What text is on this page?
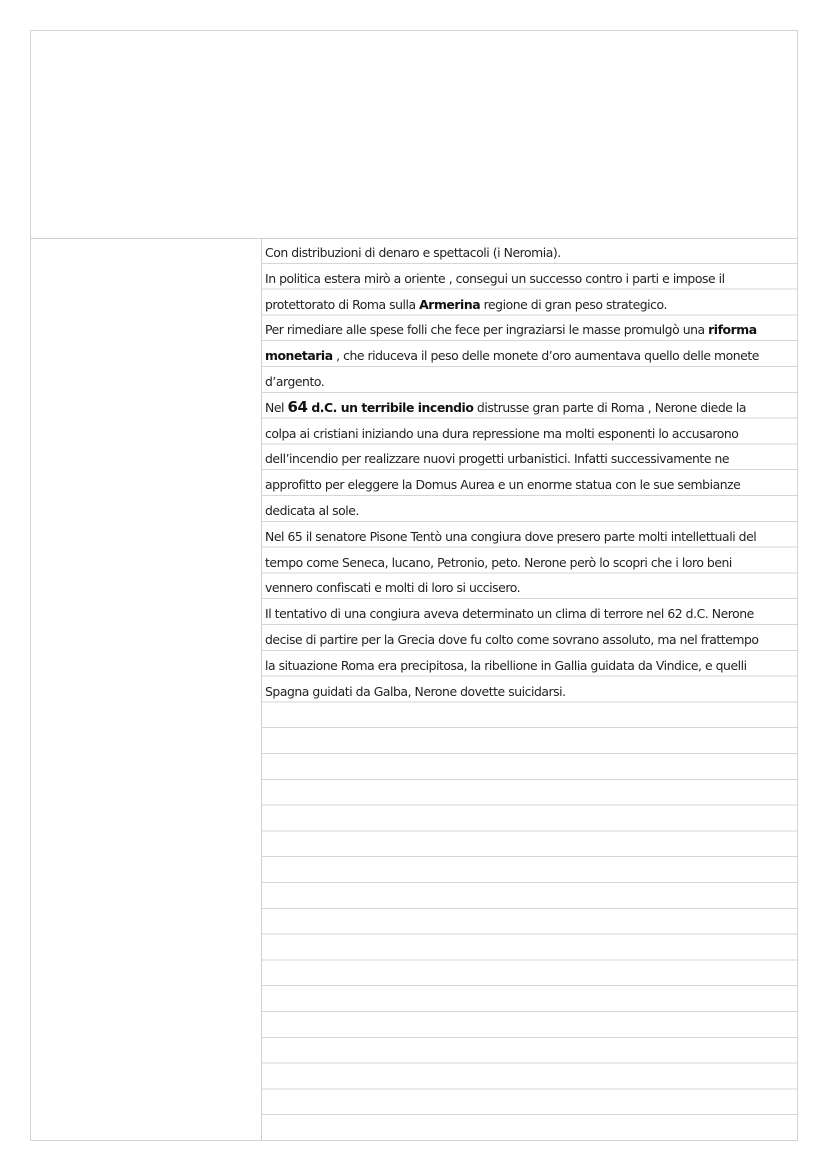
Con distribuzioni di denaro e spettacoli (i Neromia).
In politica estera mirò a oriente , consegui un successo contro i parti e impose il
protettorato di Roma sulla Armerina regione di gran peso strategico.
Per rimediare alle spese folli che fece per ingraziarsi le masse promulgò una riforma
monetaria , che riduceva il peso delle monete d’oro aumentava quello delle monete
d’argento.
Nel 64 d.C. un terribile incendio distrusse gran parte di Roma , Nerone diede la
colpa ai cristiani iniziando una dura repressione ma molti esponenti lo accusarono
dell’incendio per realizzare nuovi progetti urbanistici. Infatti successivamente ne
approfitto per eleggere la Domus Aurea e un enorme statua con le sue sembianze
dedicata al sole.
Nel 65 il senatore Pisone Tentò una congiura dove presero parte molti intellettuali del
tempo come Seneca, lucano, Petronio, peto. Nerone però lo scopri che i loro beni
vennero confiscati e molti di loro si uccisero.
Il tentativo di una congiura aveva determinato un clima di terrore nel 62 d.C. Nerone
decise di partire per la Grecia dove fu colto come sovrano assoluto, ma nel frattempo
la situazione Roma era precipitosa, la ribellione in Gallia guidata da Vindice, e quelli
Spagna guidati da Galba, Nerone dovette suicidarsi.
